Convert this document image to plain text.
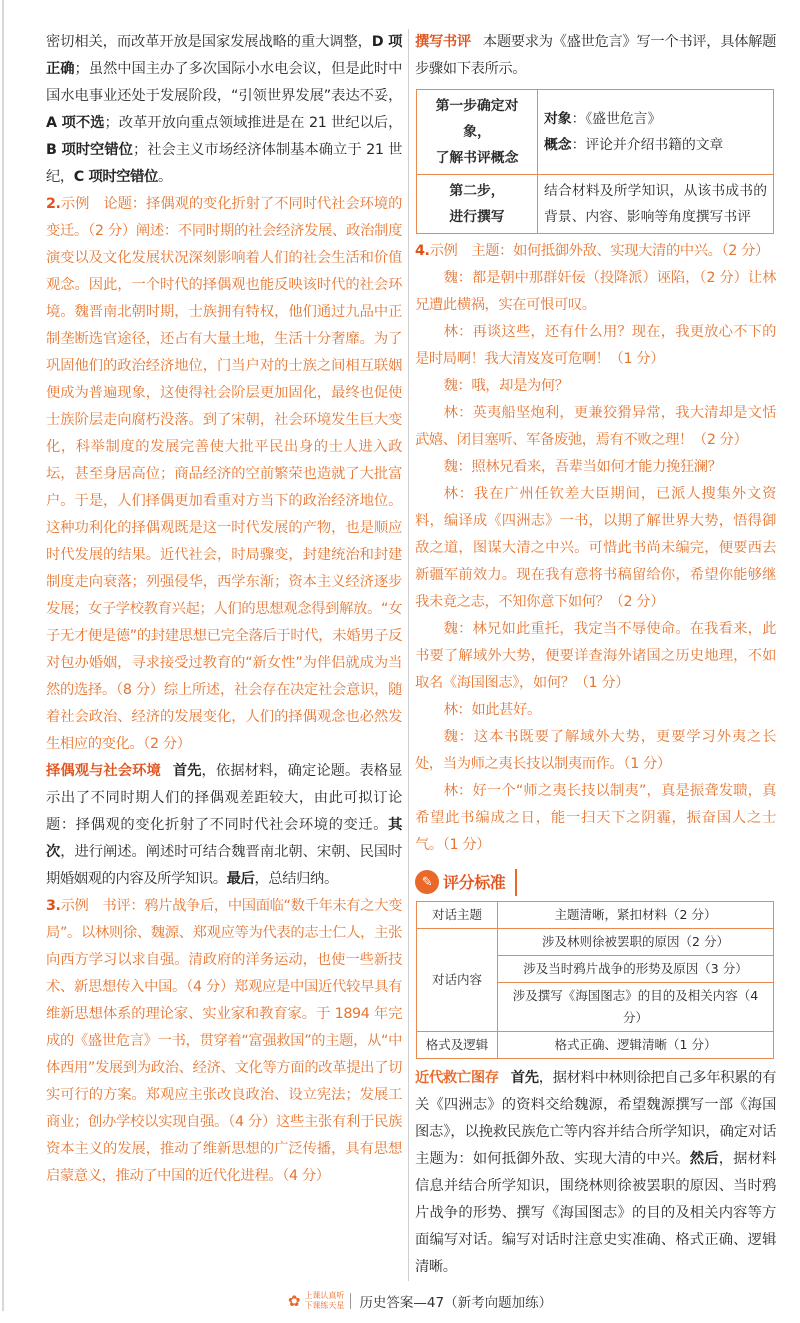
密切相关，而改革开放是国家发展战略的重大调整，D 项正确；虽然中国主办了多次国际小水电会议，但是此时中国水电事业还处于发展阶段，“引领世界发展”表达不妥，A 项不选；改革开放向重点领域推进是在 21 世纪以后，B 项时空错位；社会主义市场经济体制基本确立于 21 世纪，C 项时空错位。

2.示例 论题：择偶观的变化折射了不同时代社会环境的变迁。（2 分）阐述：不同时期的社会经济发展、政治制度演变以及文化发展状况深刻影响着人们的社会生活和价值观念。因此，一个时代的择偶观也能反映该时代的社会环境。魏晋南北朝时期，士族拥有特权，他们通过九品中正制垄断选官途径，还占有大量土地，生活十分奢靡。为了巩固他们的政治经济地位，门当户对的士族之间相互联姻便成为普遍现象，这使得社会阶层更加固化，最终也促使士族阶层走向腐朽没落。到了宋朝，社会环境发生巨大变化，科举制度的发展完善使大批平民出身的士人进入政坛，甚至身居高位；商品经济的空前繁荣也造就了大批富户。于是，人们择偶更加看重对方当下的政治经济地位。这种功利化的择偶观既是这一时代发展的产物，也是顺应时代发展的结果。近代社会，时局骤变，封建统治和封建制度走向衰落；列强侵华，西学东渐；资本主义经济逐步发展；女子学校教育兴起；人们的思想观念得到解放。“女子无才便是德”的封建思想已完全落后于时代，未婚男子反对包办婚姻，寻求接受过教育的“新女性”为伴侣就成为当然的选择。（8 分）综上所述，社会存在决定社会意识，随着社会政治、经济的发展变化，人们的择偶观念也必然发生相应的变化。（2 分）

择偶观与社会环境 首先，依据材料，确定论题。表格显示出了不同时期人们的择偶观差距较大，由此可拟订论题：择偶观的变化折射了不同时代社会环境的变迁。其次，进行阐述。阐述时可结合魏晋南北朝、宋朝、民国时期婚姻观的内容及所学知识。最后，总结归纳。

3.示例 书评：鸦片战争后，中国面临“数千年未有之大变局”。以林则徐、魏源、郑观应等为代表的志士仁人，主张向西方学习以求自强。清政府的洋务运动，也使一些新技术、新思想传入中国。（4 分）郑观应是中国近代较早具有维新思想体系的理论家、实业家和教育家。于 1894 年完成的《盛世危言》一书，贯穿着“富强救国”的主题，从“中体西用”发展到为政治、经济、文化等方面的改革提出了切实可行的方案。郑观应主张改良政治、设立宪法；发展工商业；创办学校以实现自强。（4 分）这些主张有利于民族资本主义的发展，推动了维新思想的广泛传播，具有思想启蒙意义，推动了中国的近代化进程。（4 分）

撰写书评 本题要求为《盛世危言》写一个书评，具体解题步骤如下表所示。

第一步确定对象，
了解书评概念	对象：《盛世危言》
概念：评论并介绍书籍的文章
第二步，
进行撰写	结合材料及所学知识，从该书成书的背景、内容、影响等角度撰写书评

4.示例 主题：如何抵御外敌、实现大清的中兴。（2 分）

魏：都是朝中那群奸佞（投降派）诬陷，（2 分）让林兄遭此横祸，实在可恨可叹。

林：再谈这些，还有什么用？现在，我更放心不下的是时局啊！我大清岌岌可危啊！（1 分）

魏：哦，却是为何？

林：英夷船坚炮利，更兼狡猾异常，我大清却是文恬武嬉、闭目塞听、军备废弛，焉有不败之理！（2 分）

魏：照林兄看来，吾辈当如何才能力挽狂澜？

林：我在广州任钦差大臣期间，已派人搜集外文资料，编译成《四洲志》一书，以期了解世界大势，悟得御敌之道，图谋大清之中兴。可惜此书尚未编完，便要西去新疆军前效力。现在我有意将书稿留给你，希望你能够继我未竟之志，不知你意下如何？（2 分）

魏：林兄如此重托，我定当不辱使命。在我看来，此书要了解域外大势，便要详查海外诸国之历史地理，不如取名《海国图志》，如何？（1 分）

林：如此甚好。

魏：这本书既要了解域外大势，更要学习外夷之长处，当为师之夷长技以制夷而作。（1 分）

林：好一个“师之夷长技以制夷”，真是振聋发聩，真希望此书编成之日，能一扫天下之阴霾，振奋国人之士气。（1 分）

✎ 评分标准
对话主题	主题清晰，紧扣材料（2 分）
对话内容	涉及林则徐被罢职的原因（2 分）
	涉及当时鸦片战争的形势及原因（3 分）
	涉及撰写《海国图志》的目的及相关内容（4 分）
格式及逻辑	格式正确、逻辑清晰（1 分）

近代救亡图存 首先，据材料中林则徐把自己多年积累的有关《四洲志》的资料交给魏源，希望魏源撰写一部《海国图志》，以挽救民族危亡等内容并结合所学知识，确定对话主题为：如何抵御外敌、实现大清的中兴。然后，据材料信息并结合所学知识，围绕林则徐被罢职的原因、当时鸦片战争的形势、撰写《海国图志》的目的及相关内容等方面编写对话。编写对话时注意史实准确、格式正确、逻辑清晰。

✿ 上课认真听
下课练天星 历史答案—47（新考向题加练）
